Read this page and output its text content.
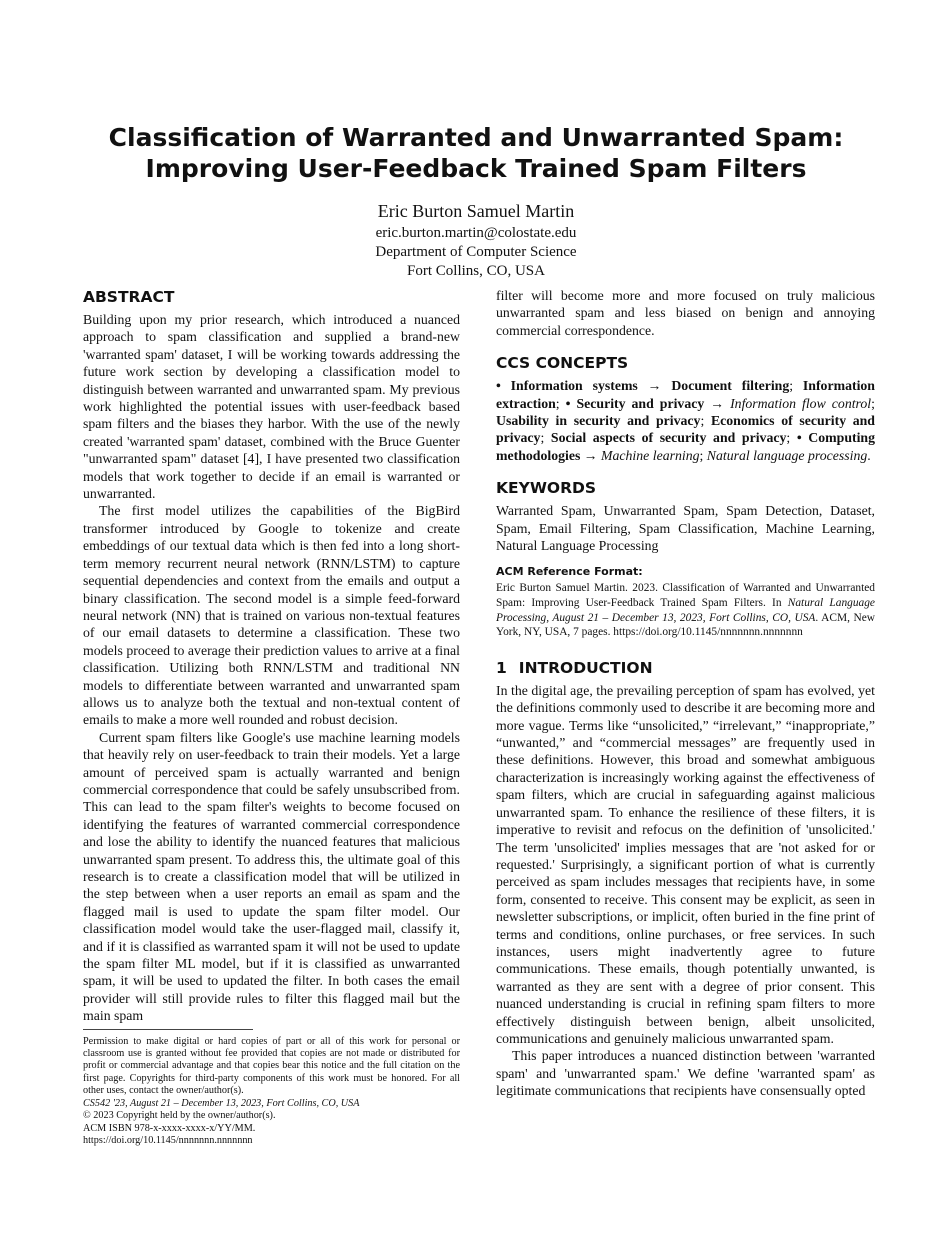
Classification of Warranted and Unwarranted Spam: Improving User-Feedback Trained Spam Filters
Eric Burton Samuel Martin
eric.burton.martin@colostate.edu
Department of Computer Science
Fort Collins, CO, USA
ABSTRACT

Building upon my prior research, which introduced a nuanced approach to spam classification and supplied a brand-new 'warranted spam' dataset, I will be working towards addressing the future work section by developing a classification model to distinguish between warranted and unwarranted spam. My previous work highlighted the potential issues with user-feedback based spam filters and the biases they harbor. With the use of the newly created 'warranted spam' dataset, combined with the Bruce Guenter "unwarranted spam" dataset [4], I have presented two classification models that work together to decide if an email is warranted or unwarranted.

The first model utilizes the capabilities of the BigBird transformer introduced by Google to tokenize and create embeddings of our textual data which is then fed into a long short-term memory recurrent neural network (RNN/LSTM) to capture sequential dependencies and context from the emails and output a binary classification. The second model is a simple feed-forward neural network (NN) that is trained on various non-textual features of our email datasets to determine a classification. These two models proceed to average their prediction values to arrive at a final classification. Utilizing both RNN/LSTM and traditional NN models to differentiate between warranted and unwarranted spam allows us to analyze both the textual and non-textual content of emails to make a more well rounded and robust decision.

Current spam filters like Google's use machine learning models that heavily rely on user-feedback to train their models. Yet a large amount of perceived spam is actually warranted and benign commercial correspondence that could be safely unsubscribed from. This can lead to the spam filter's weights to become focused on identifying the features of warranted commercial correspondence and lose the ability to identify the nuanced features that malicious unwarranted spam present. To address this, the ultimate goal of this research is to create a classification model that will be utilized in the step between when a user reports an email as spam and the flagged mail is used to update the spam filter model. Our classification model would take the user-flagged mail, classify it, and if it is classified as warranted spam it will not be used to update the spam filter ML model, but if it is classified as unwarranted spam, it will be used to updated the filter. In both cases the email provider will still provide rules to filter this flagged mail but the main spam

Permission to make digital or hard copies of part or all of this work for personal or classroom use is granted without fee provided that copies are not made or distributed for profit or commercial advantage and that copies bear this notice and the full citation on the first page. Copyrights for third-party components of this work must be honored. For all other uses, contact the owner/author(s).

CS542 '23, August 21 – December 13, 2023, Fort Collins, CO, USA

© 2023 Copyright held by the owner/author(s).

ACM ISBN 978-x-xxxx-xxxx-x/YY/MM.

https://doi.org/10.1145/nnnnnnn.nnnnnnn

filter will become more and more focused on truly malicious unwarranted spam and less biased on benign and annoying commercial correspondence.

CCS CONCEPTS

• Information systems → Document filtering; Information extraction; • Security and privacy → Information flow control; Usability in security and privacy; Economics of security and privacy; Social aspects of security and privacy; • Computing methodologies → Machine learning; Natural language processing.

KEYWORDS

Warranted Spam, Unwarranted Spam, Spam Detection, Dataset, Spam, Email Filtering, Spam Classification, Machine Learning, Natural Language Processing

ACM Reference Format:

Eric Burton Samuel Martin. 2023. Classification of Warranted and Unwarranted Spam: Improving User-Feedback Trained Spam Filters. In Natural Language Processing, August 21 – December 13, 2023, Fort Collins, CO, USA. ACM, New York, NY, USA, 7 pages. https://doi.org/10.1145/nnnnnnn.nnnnnnn

1 INTRODUCTION

In the digital age, the prevailing perception of spam has evolved, yet the definitions commonly used to describe it are becoming more and more vague. Terms like “unsolicited,” “irrelevant,” “inappropriate,” “unwanted,” and “commercial messages” are frequently used in these definitions. However, this broad and somewhat ambiguous characterization is increasingly working against the effectiveness of spam filters, which are crucial in safeguarding against malicious unwarranted spam. To enhance the resilience of these filters, it is imperative to revisit and refocus on the definition of 'unsolicited.' The term 'unsolicited' implies messages that are 'not asked for or requested.' Surprisingly, a significant portion of what is currently perceived as spam includes messages that recipients have, in some form, consented to receive. This consent may be explicit, as seen in newsletter subscriptions, or implicit, often buried in the fine print of terms and conditions, online purchases, or free services. In such instances, users might inadvertently agree to future communications. These emails, though potentially unwanted, is warranted as they are sent with a degree of prior consent. This nuanced understanding is crucial in refining spam filters to more effectively distinguish between benign, albeit unsolicited, communications and genuinely malicious unwarranted spam.

This paper introduces a nuanced distinction between 'warranted spam' and 'unwarranted spam.' We define 'warranted spam' as legitimate communications that recipients have consensually opted
